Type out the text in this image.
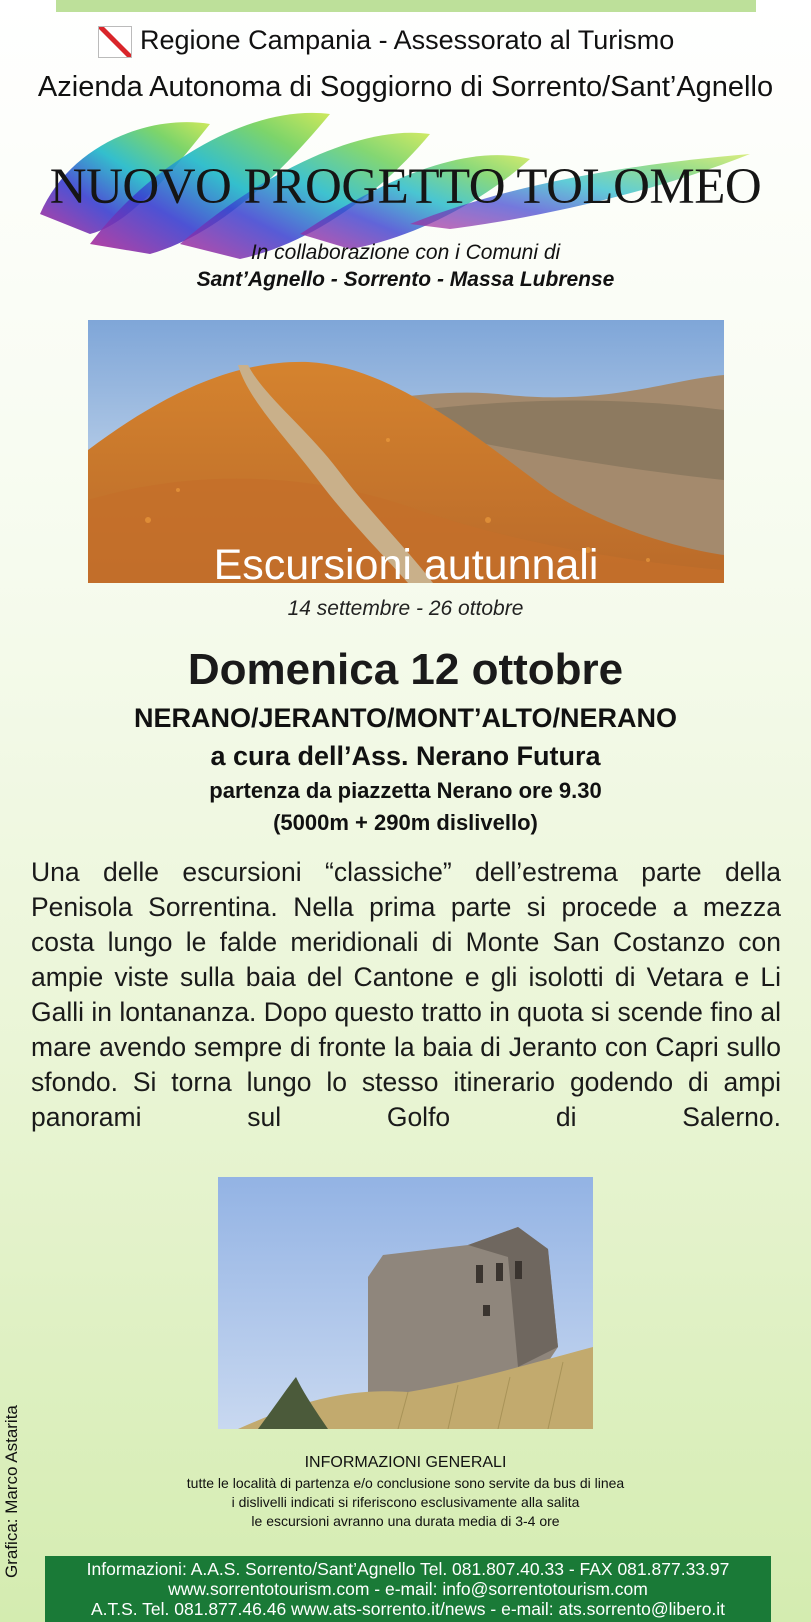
Regione Campania - Assessorato al Turismo
Azienda Autonoma di Soggiorno di Sorrento/Sant’Agnello
NUOVO PROGETTO TOLOMEO
In collaborazione con i Comuni di
Sant’Agnello - Sorrento - Massa Lubrense
Escursioni autunnali
14 settembre - 26 ottobre
Domenica 12 ottobre
NERANO/JERANTO/MONT’ALTO/NERANO
a cura dell’Ass. Nerano Futura
partenza da piazzetta Nerano ore 9.30
(5000m + 290m dislivello)
Una delle escursioni “classiche” dell’estrema parte della Penisola Sorrentina. Nella prima parte si procede a mezza costa lungo le falde meridionali di Monte San Costanzo con ampie viste sulla baia del Cantone e gli isolotti di Vetara e Li Galli in lontananza. Dopo questo tratto in quota si scende fino al mare avendo sempre di fronte la baia di Jeranto con Capri sullo sfondo. Si torna lungo lo stesso itinerario godendo di ampi panorami sul Golfo di Salerno.
Grafica: Marco Astarita	INFORMAZIONI GENERALI
tutte le località di partenza e/o conclusione sono servite da bus di linea
i dislivelli indicati si riferiscono esclusivamente alla salita
le escursioni avranno una durata media di 3-4 ore
Informazioni: A.A.S. Sorrento/Sant’Agnello Tel. 081.807.40.33 - FAX 081.877.33.97
www.sorrentotourism.com - e-mail: info@sorrentotourism.com
A.T.S. Tel. 081.877.46.46 www.ats-sorrento.it/news - e-mail: ats.sorrento@libero.it
